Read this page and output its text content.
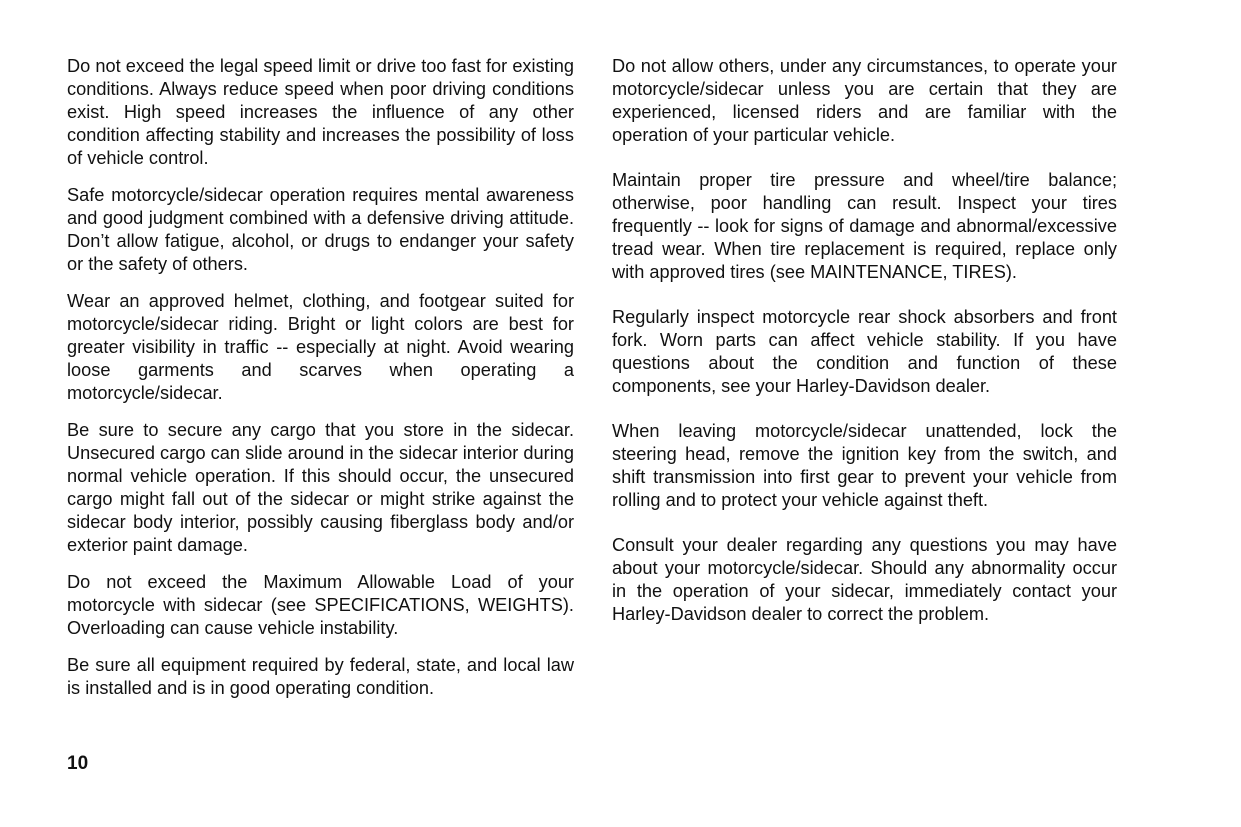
Do not exceed the legal speed limit or drive too fast for existing conditions. Always reduce speed when poor driving conditions exist. High speed increases the influence of any other condition affecting stability and increases the possibility of loss of vehicle control.

Safe motorcycle/sidecar operation requires mental awareness and good judgment combined with a defensive driving attitude. Don’t allow fatigue, alcohol, or drugs to endanger your safety or the safety of others.

Wear an approved helmet, clothing, and footgear suited for motorcycle/sidecar riding. Bright or light colors are best for greater visibility in traffic -- especially at night. Avoid wearing loose garments and scarves when operating a motorcycle/sidecar.

Be sure to secure any cargo that you store in the sidecar. Unsecured cargo can slide around in the sidecar interior during normal vehicle operation. If this should occur, the unsecured cargo might fall out of the sidecar or might strike against the sidecar body interior, possibly causing fiberglass body and/or exterior paint damage.

Do not exceed the Maximum Allowable Load of your motorcycle with sidecar (see SPECIFICATIONS, WEIGHTS). Overloading can cause vehicle instability.

Be sure all equipment required by federal, state, and local law is installed and is in good operating condition.

Do not allow others, under any circumstances, to operate your motorcycle/sidecar unless you are certain that they are experienced, licensed riders and are familiar with the operation of your particular vehicle.

Maintain proper tire pressure and wheel/tire balance; otherwise, poor handling can result. Inspect your tires frequently -- look for signs of damage and abnormal/excessive tread wear. When tire replacement is required, replace only with approved tires (see MAINTENANCE, TIRES).

Regularly inspect motorcycle rear shock absorbers and front fork. Worn parts can affect vehicle stability. If you have questions about the condition and function of these components, see your Harley-Davidson dealer.

When leaving motorcycle/sidecar unattended, lock the steering head, remove the ignition key from the switch, and shift transmission into first gear to prevent your vehicle from rolling and to protect your vehicle against theft.

Consult your dealer regarding any questions you may have about your motorcycle/sidecar. Should any abnormality occur in the operation of your sidecar, immediately contact your Harley-Davidson dealer to correct the problem.

10
